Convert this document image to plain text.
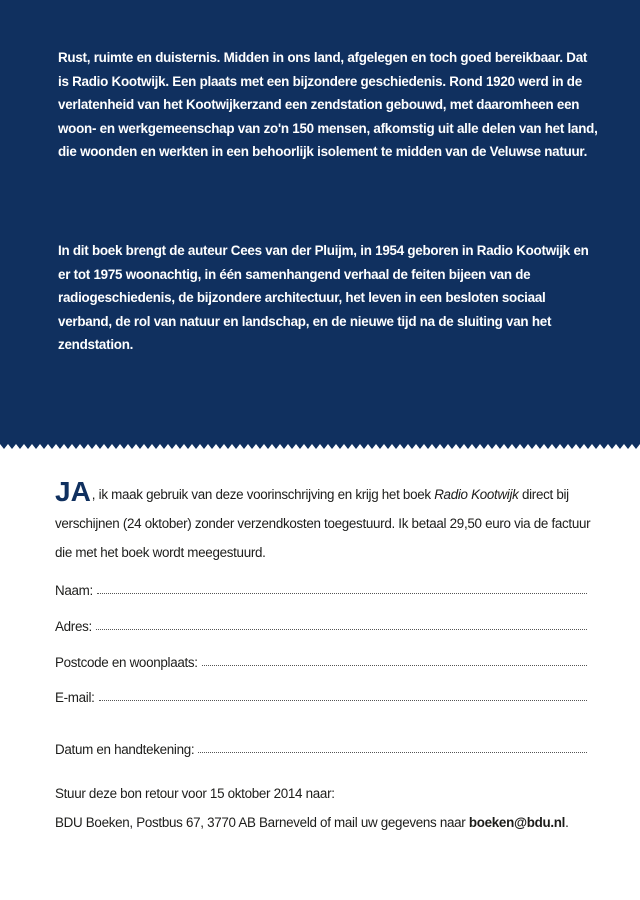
Rust, ruimte en duisternis. Midden in ons land, afgelegen en toch goed bereikbaar. Dat is Radio Kootwijk. Een plaats met een bijzondere geschiedenis. Rond 1920 werd in de verlatenheid van het Kootwijkerzand een zendstation gebouwd, met daaromheen een woon- en werkgemeenschap van zo'n 150 mensen, afkomstig uit alle delen van het land, die woonden en werkten in een behoorlijk isolement te midden van de Veluwse natuur.

In dit boek brengt de auteur Cees van der Pluijm, in 1954 geboren in Radio Kootwijk en er tot 1975 woonachtig, in één samenhangend verhaal de feiten bijeen van de radiogeschiedenis, de bijzondere architectuur, het leven in een besloten sociaal verband, de rol van natuur en landschap, en de nieuwe tijd na de sluiting van het zendstation.

JA, ik maak gebruik van deze voorinschrijving en krijg het boek Radio Kootwijk direct bij verschijnen (24 oktober) zonder verzendkosten toegestuurd. Ik betaal 29,50 euro via de factuur die met het boek wordt meegestuurd.

Naam:
Adres:
Postcode en woonplaats:
E-mail:
Datum en handtekening:

Stuur deze bon retour voor 15 oktober 2014 naar:

BDU Boeken, Postbus 67, 3770 AB Barneveld of mail uw gegevens naar boeken@bdu.nl.
